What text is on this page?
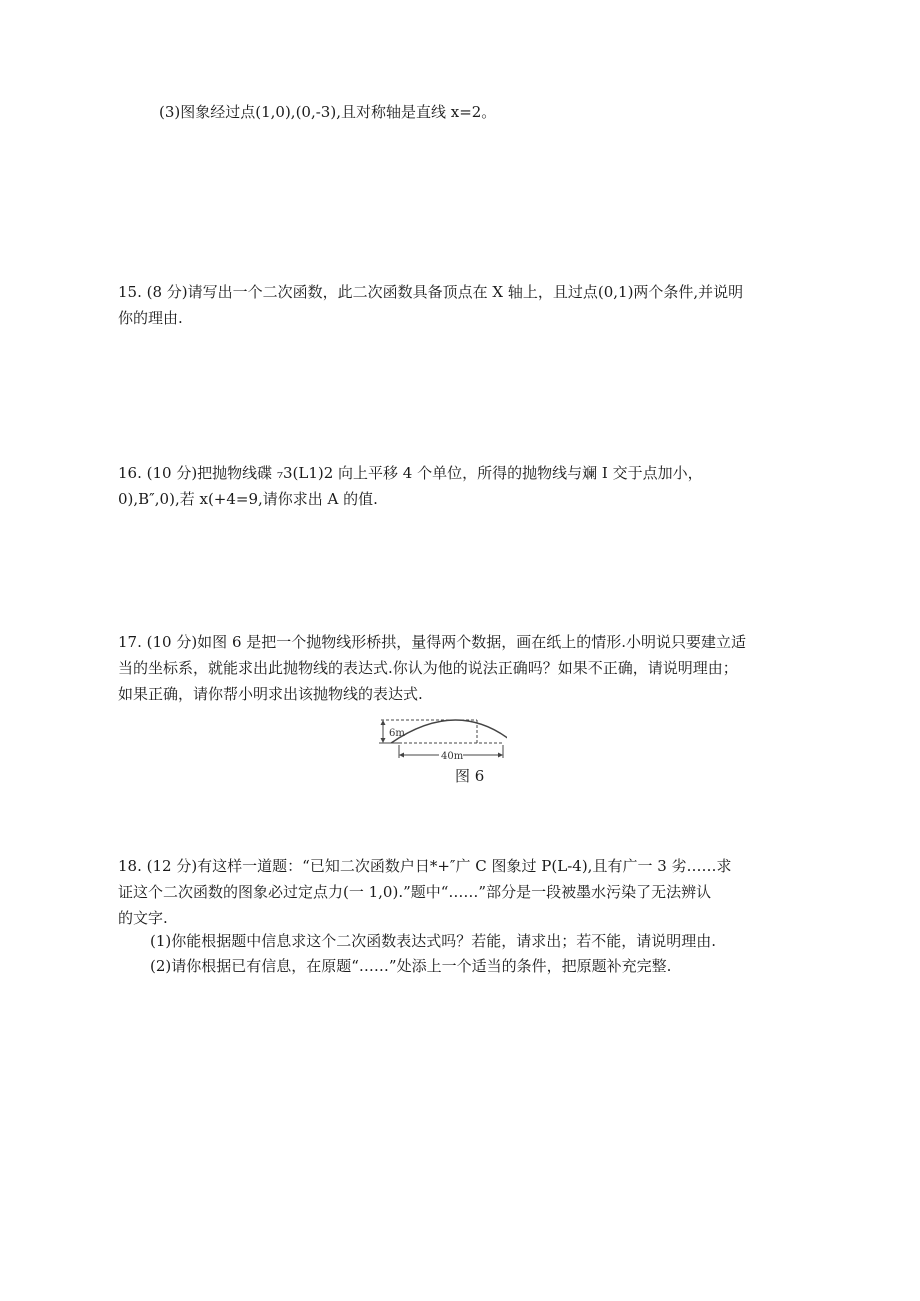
(3)图象经过点(1,0),(0,-3),且对称轴是直线 x=2。
15. (8 分)请写出一个二次函数，此二次函数具备顶点在 X 轴上，且过点(0,1)两个条件,并说明
你的理由.
16. (10 分)把抛物线碟 ₇3(L1)2 向上平移 4 个单位，所得的抛物线与斓 I 交于点加小，
0),B″,0),若 x(+4=9,请你求出 A 的值.
17. (10 分)如图 6 是把一个抛物线形桥拱，量得两个数据，画在纸上的情形.小明说只要建立适
当的坐标系，就能求出此抛物线的表达式.你认为他的说法正确吗？如果不正确，请说明理由；
如果正确，请你帮小明求出该抛物线的表达式.
6m
40m
图 6
18. (12 分)有这样一道题：“已知二次函数户日*+″广 C 图象过 P(L-4),且有广一 3 劣……求
证这个二次函数的图象必过定点力(一 1,0).”题中“……”部分是一段被墨水污染了无法辨认
的文字.
(1)你能根据题中信息求这个二次函数表达式吗？若能，请求出；若不能，请说明理由.
(2)请你根据已有信息，在原题“……”处添上一个适当的条件，把原题补充完整.
